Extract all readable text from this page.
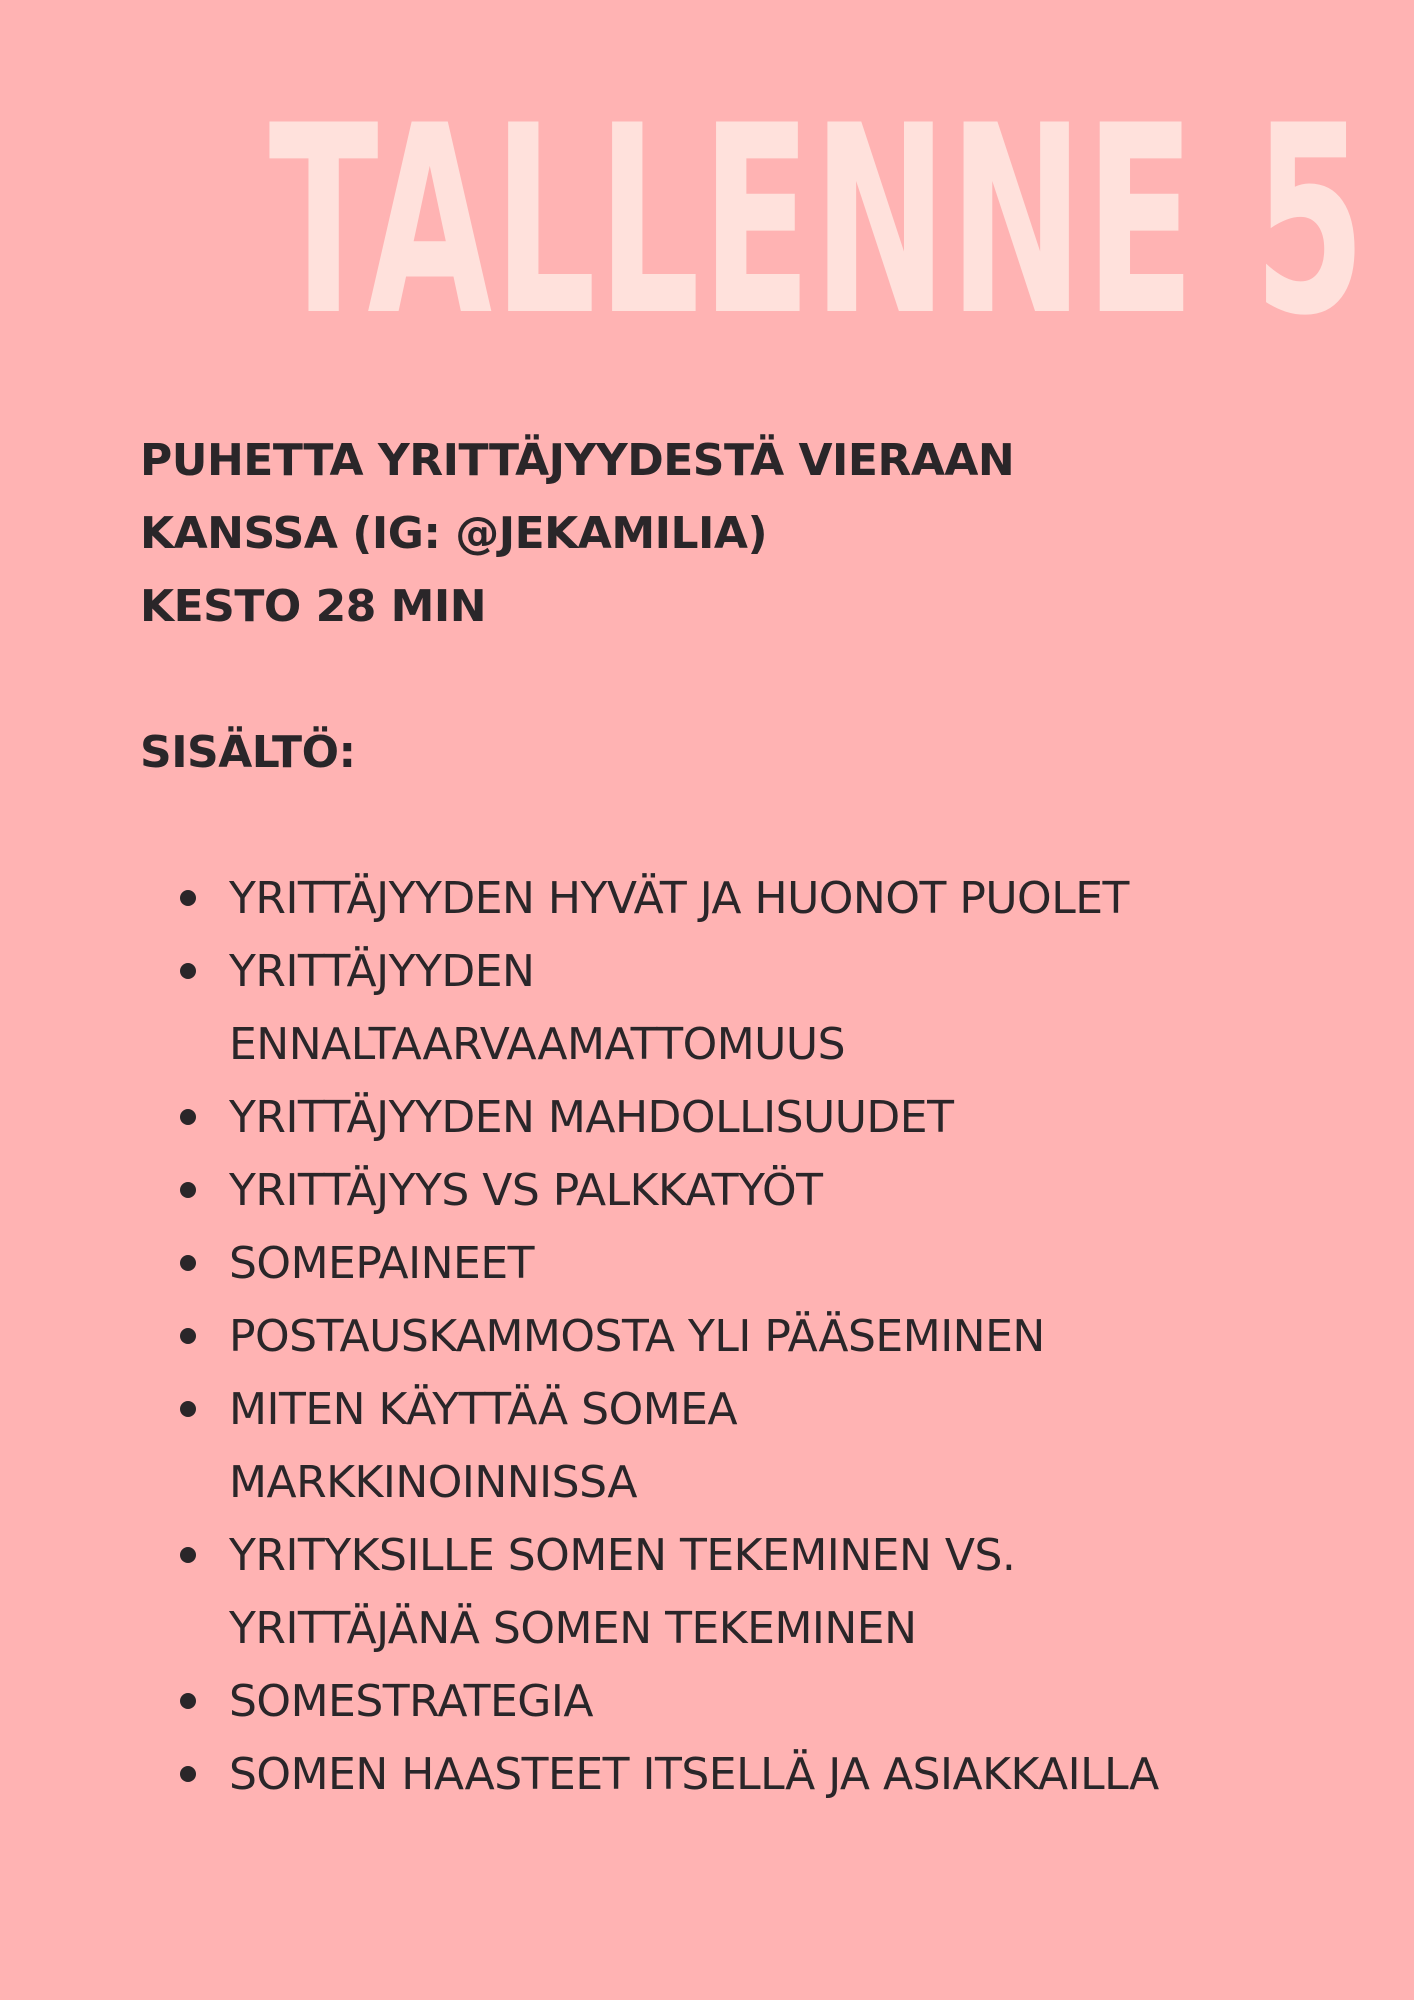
TALLENNE 5

PUHETTA YRITTÄJYYDESTÄ VIERAAN
KANSSA (IG: @JEKAMILIA)
KESTO 28 MIN

SISÄLTÖ:

YRITTÄJYYDEN HYVÄT JA HUONOT PUOLET
YRITTÄJYYDEN
ENNALTAARVAAMATTOMUUS
YRITTÄJYYDEN MAHDOLLISUUDET
YRITTÄJYYS VS PALKKATYÖT
SOMEPAINEET
POSTAUSKAMMOSTA YLI PÄÄSEMINEN
MITEN KÄYTTÄÄ SOMEA
MARKKINOINNISSA
YRITYKSILLE SOMEN TEKEMINEN VS.
YRITTÄJÄNÄ SOMEN TEKEMINEN
SOMESTRATEGIA
SOMEN HAASTEET ITSELLÄ JA ASIAKKAILLA
